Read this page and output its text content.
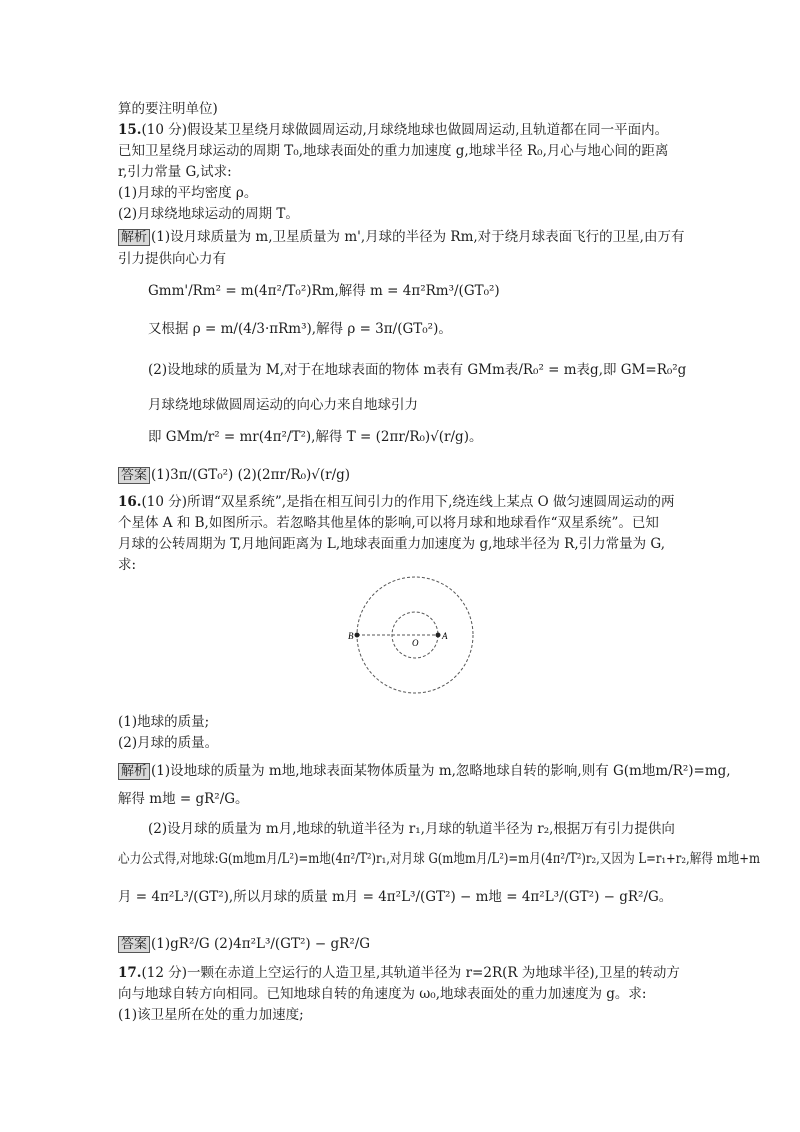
算的要注明单位)
15.(10 分)假设某卫星绕月球做圆周运动,月球绕地球也做圆周运动,且轨道都在同一平面内。
已知卫星绕月球运动的周期 T₀,地球表面处的重力加速度 g,地球半径 R₀,月心与地心间的距离
r,引力常量 G,试求:
(1)月球的平均密度 ρ。
(2)月球绕地球运动的周期 T。
解析 (1)设月球质量为 m,卫星质量为 m',月球的半径为 Rm,对于绕月球表面飞行的卫星,由万有
引力提供向心力有
Gmm'/Rm² = m(4π²/T₀²)Rm,解得 m = 4π²Rm³/(GT₀²)
又根据 ρ = m/(4/3·πRm³),解得 ρ = 3π/(GT₀²)。
(2)设地球的质量为 M,对于在地球表面的物体 m表有 GMm表/R₀² = m表g,即 GM=R₀²g
月球绕地球做圆周运动的向心力来自地球引力
即 GMm/r² = mr(4π²/T²),解得 T = (2πr/R₀)√(r/g)。
答案 (1)3π/(GT₀²) (2)(2πr/R₀)√(r/g)
16.(10 分)所谓“双星系统”,是指在相互间引力的作用下,绕连线上某点 O 做匀速圆周运动的两
个星体 A 和 B,如图所示。若忽略其他星体的影响,可以将月球和地球看作“双星系统”。已知
月球的公转周期为 T,月地间距离为 L,地球表面重力加速度为 g,地球半径为 R,引力常量为 G,
求:
B
O
A
(1)地球的质量;
(2)月球的质量。
解析 (1)设地球的质量为 m地,地球表面某物体质量为 m,忽略地球自转的影响,则有 G(m地m/R²)=mg,
解得 m地 = gR²/G。
(2)设月球的质量为 m月,地球的轨道半径为 r₁,月球的轨道半径为 r₂,根据万有引力提供向
心力公式得,对地球:G(m地m月/L²)=m地(4π²/T²)r₁,对月球 G(m地m月/L²)=m月(4π²/T²)r₂,又因为 L=r₁+r₂,解得 m地+m
月 = 4π²L³/(GT²),所以月球的质量 m月 = 4π²L³/(GT²) − m地 = 4π²L³/(GT²) − gR²/G。
答案 (1)gR²/G (2)4π²L³/(GT²) − gR²/G
17.(12 分)一颗在赤道上空运行的人造卫星,其轨道半径为 r=2R(R 为地球半径),卫星的转动方
向与地球自转方向相同。已知地球自转的角速度为 ω₀,地球表面处的重力加速度为 g。求:
(1)该卫星所在处的重力加速度;
